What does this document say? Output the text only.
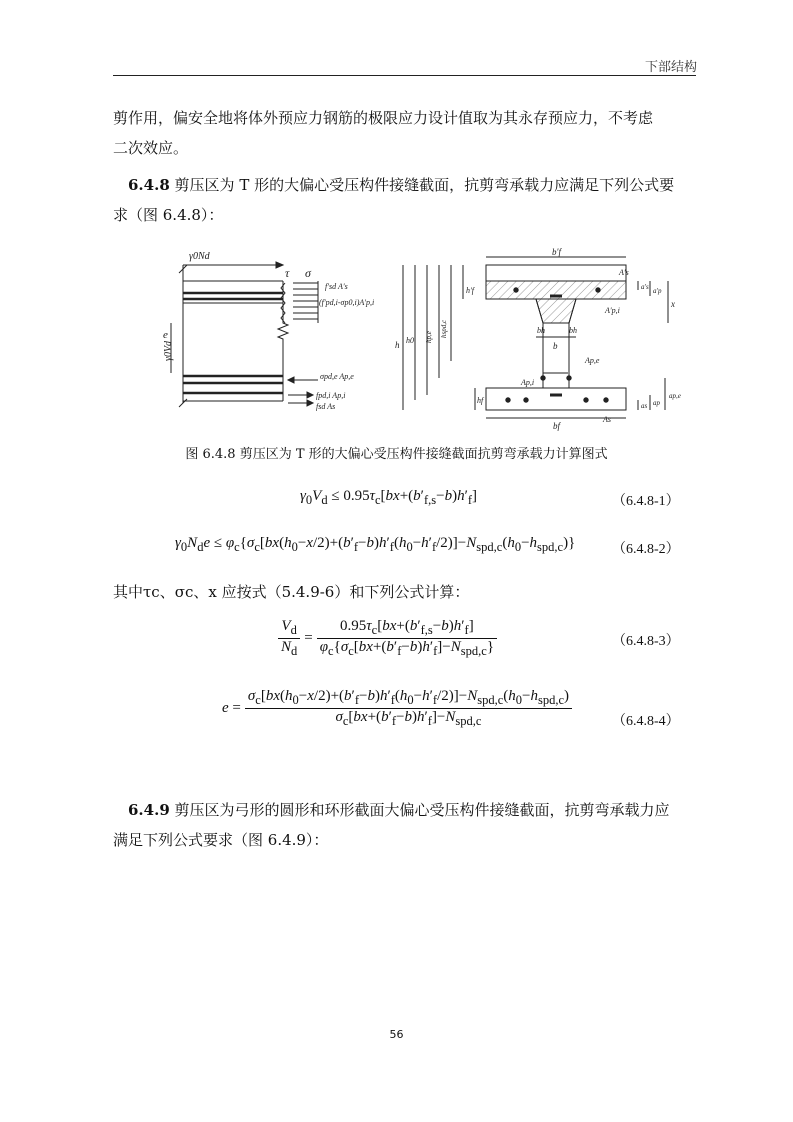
下部结构
剪作用，偏安全地将体外预应力钢筋的极限应力设计值取为其永存预应力，不考虑
二次效应。
6.4.8 剪压区为 T 形的大偏心受压构件接缝截面，抗剪弯承载力应满足下列公式要
求（图 6.4.8）：
γ0Nd
e
γ0Vd
τ σ
f′sd A′s
(f′pd,i-σp0,i)A′p,i
σpd,e Ap,e
fpd,i Ap,i
fsd As
b′f
A′s
A′p,i
b
bh	bh
Ap,e
Ap,i
As
bf
h h0 hp,e hspd,c
h′f
hf
a′s a′p
x
as ap
ap,e
图 6.4.8 剪压区为 T 形的大偏心受压构件接缝截面抗剪弯承载力计算图式
$\gamma_0V_d \le 0.95\tau_c[bx+(b'_{f,s}-b)h'_f]$	（6.4.8-1）
$\gamma_0N_de \le \varphi_c\{\sigma_c[bx(h_0-x/2)+(b'_f-b)h'_f(h_0-h'_f/2)]-N_{spd,c}(h_0-h_{spd,c})\}$	（6.4.8-2）
其中τc、σc、x 应按式（5.4.9-6）和下列公式计算：
$V_d$	=	$0.95\tau_c[bx+(b'_{f,s}-b)h'_f]$
$N_d$		$\varphi_c\{\sigma_c[bx+(b'_f-b)h'_f]-N_{spd,c}\}$	（6.4.8-3）
e =	$\sigma_c[bx(h_0-x/2)+(b'_f-b)h'_f(h_0-h'_f/2)]-N_{spd,c}(h_0-h_{spd,c})$
$\sigma_c[bx+(b'_f-b)h'_f]-N_{spd,c}$	（6.4.8-4）
6.4.9 剪压区为弓形的圆形和环形截面大偏心受压构件接缝截面，抗剪弯承载力应
满足下列公式要求（图 6.4.9）：
56
